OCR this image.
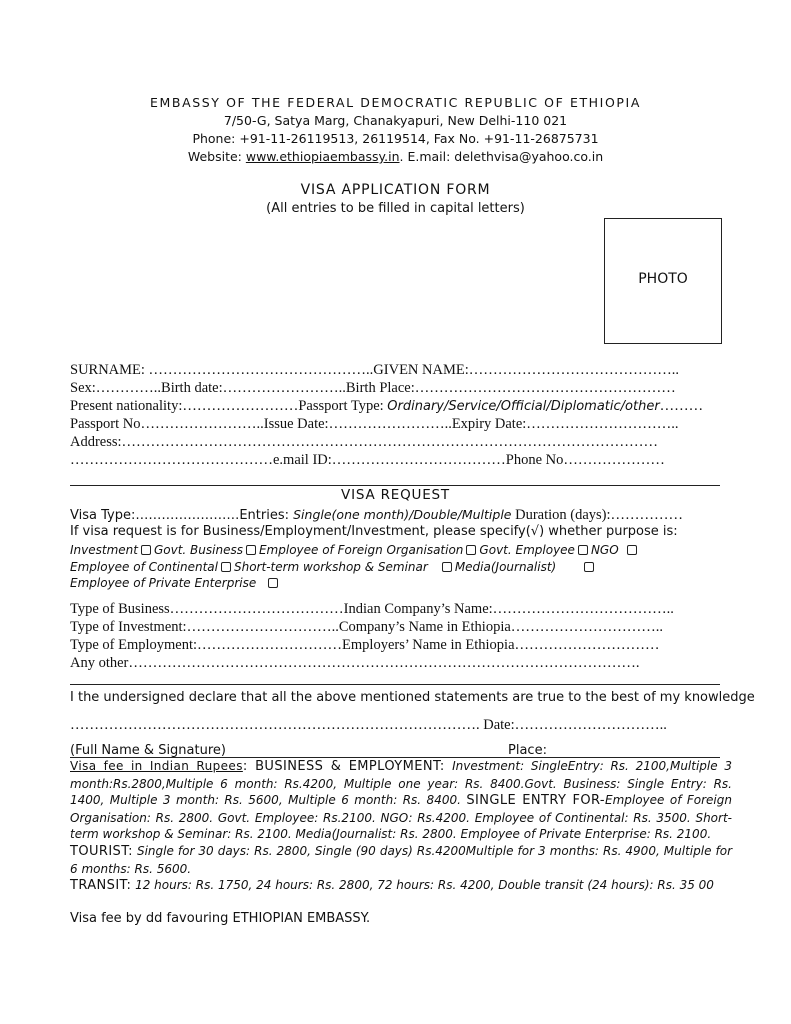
EMBASSY OF THE FEDERAL DEMOCRATIC REPUBLIC OF ETHIOPIA
7/50-G, Satya Marg, Chanakyapuri, New Delhi-110 021
Phone: +91-11-26119513, 26119514, Fax No. +91-11-26875731
Website: www.ethiopiaembassy.in. E.mail: delethvisa@yahoo.co.in
VISA APPLICATION FORM
(All entries to be filled in capital letters)
PHOTO
SURNAME: ………………………………………..GIVEN NAME:……………………………………..
Sex:…………..Birth date:……………………..Birth Place:………………………………………………
Present nationality:……………………Passport Type: Ordinary/Service/Official/Diplomatic/other………
Passport No……………………..Issue Date:……………………..Expiry Date:…………………………..
Address:…………………………………………………………………………………………………
……………………………………e.mail ID:………………………………Phone No…………………
VISA REQUEST
Visa Type:……………………Entries: Single(one month)/Double/Multiple Duration (days):……………
If visa request is for Business/Employment/Investment, please specify(√) whether purpose is:
Investment Govt. Business Employee of Foreign Organisation Govt. Employee NGO
Employee of Continental Short-term workshop & Seminar Media(Journalist)
Employee of Private Enterprise
Type of Business………………………………Indian Company’s Name:………………………………..
Type of Investment:…………………………..Company’s Name in Ethiopia…………………………..
Type of Employment:…………………………Employers’ Name in Ethiopia…………………………
Any other…………………………………………………………………………………………….
I the undersigned declare that all the above mentioned statements are true to the best of my knowledge
…………………………………………………………………………. Date:…………………………..
(Full Name & Signature)	Place:
Visa fee in Indian Rupees: BUSINESS & EMPLOYMENT: Investment: SingleEntry: Rs. 2100,Multiple 3 month:Rs.2800,Multiple 6 month: Rs.4200, Multiple one year: Rs. 8400.Govt. Business: Single Entry: Rs. 1400, Multiple 3 month: Rs. 5600, Multiple 6 month: Rs. 8400. SINGLE ENTRY FOR-Employee of Foreign Organisation: Rs. 2800. Govt. Employee: Rs.2100. NGO: Rs.4200. Employee of Continental: Rs. 3500. Short-term workshop & Seminar: Rs. 2100. Media(Journalist: Rs. 2800. Employee of Private Enterprise: Rs. 2100.
TOURIST: Single for 30 days: Rs. 2800, Single (90 days) Rs.4200Multiple for 3 months: Rs. 4900, Multiple for 6 months: Rs. 5600.
TRANSIT: 12 hours: Rs. 1750, 24 hours: Rs. 2800, 72 hours: Rs. 4200, Double transit (24 hours): Rs. 35 00
Visa fee by dd favouring ETHIOPIAN EMBASSY.
